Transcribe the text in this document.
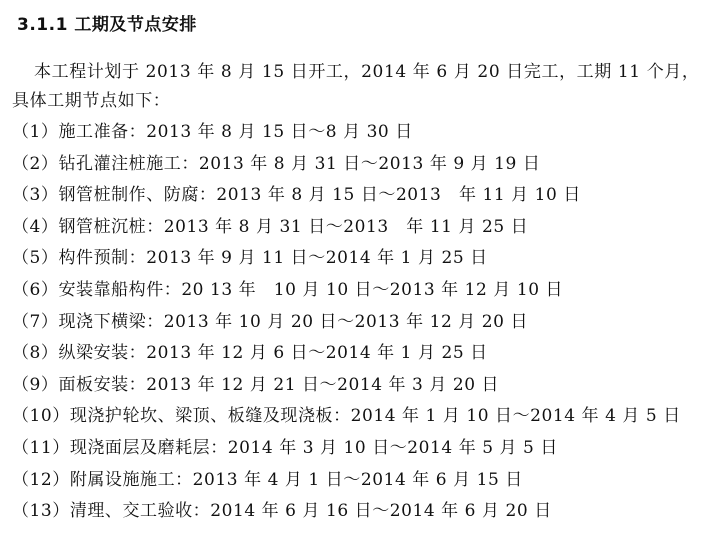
3.1.1 工期及节点安排
本工程计划于 2013 年 8 月 15 日开工，2014 年 6 月 20 日完工，工期 11 个月，具体工期节点如下：
（1）施工准备：2013 年 8 月 15 日～8 月 30 日
（2）钻孔灌注桩施工：2013 年 8 月 31 日～2013 年 9 月 19 日
（3）钢管桩制作、防腐：2013 年 8 月 15 日～2013　年 11 月 10 日
（4）钢管桩沉桩：2013 年 8 月 31 日～2013　年 11 月 25 日
（5）构件预制：2013 年 9 月 11 日～2014 年 1 月 25 日
（6）安装靠船构件：20 13 年　10 月 10 日～2013 年 12 月 10 日
（7）现浇下横梁：2013 年 10 月 20 日～2013 年 12 月 20 日
（8）纵梁安装：2013 年 12 月 6 日～2014 年 1 月 25 日
（9）面板安装：2013 年 12 月 21 日～2014 年 3 月 20 日
（10）现浇护轮坎、梁顶、板缝及现浇板：2014 年 1 月 10 日～2014 年 4 月 5 日
（11）现浇面层及磨耗层：2014 年 3 月 10 日～2014 年 5 月 5 日
（12）附属设施施工：2013 年 4 月 1 日～2014 年 6 月 15 日
（13）清理、交工验收：2014 年 6 月 16 日～2014 年 6 月 20 日
